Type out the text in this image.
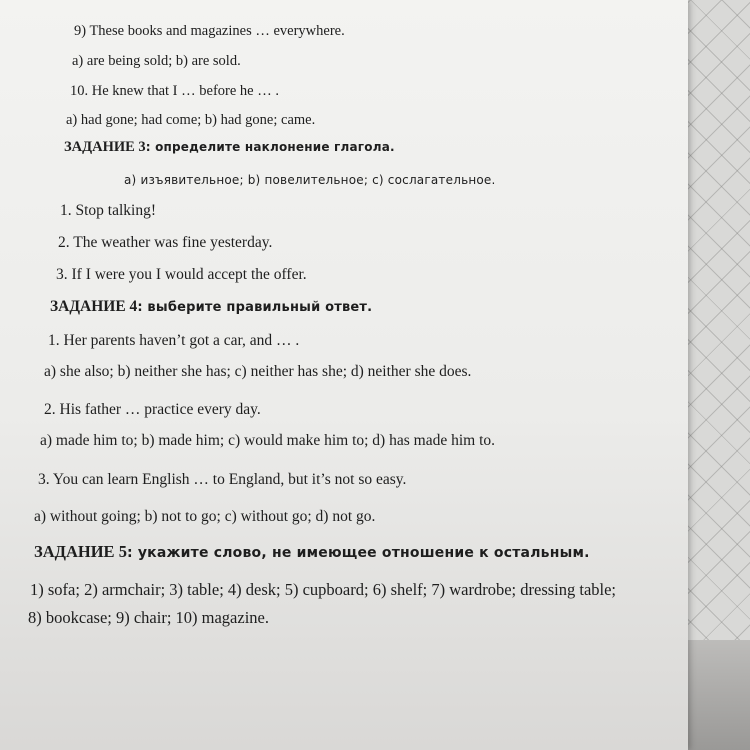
9) These books and magazines … everywhere.
a) are being sold; b) are sold.
10. He knew that I … before he … .
a) had gone; had come; b) had gone; came.
ЗАДАНИЕ 3: определите наклонение глагола.
a) изъявительное; b) повелительное; c) сослагательное.
1. Stop talking!
2. The weather was fine yesterday.
3. If I were you I would accept the offer.
ЗАДАНИЕ 4: выберите правильный ответ.
1. Her parents haven’t got a car, and … .
a) she also; b) neither she has; c) neither has she; d) neither she does.
2. His father … practice every day.
a) made him to; b) made him; c) would make him to; d) has made him to.
3. You can learn English … to England, but it’s not so easy.
a) without going; b) not to go; c) without go; d) not go.
ЗАДАНИЕ 5: укажите слово, не имеющее отношение к остальным.
1) sofa; 2) armchair; 3) table; 4) desk; 5) cupboard; 6) shelf; 7) wardrobe; dressing table;
8) bookcase; 9) chair; 10) magazine.
